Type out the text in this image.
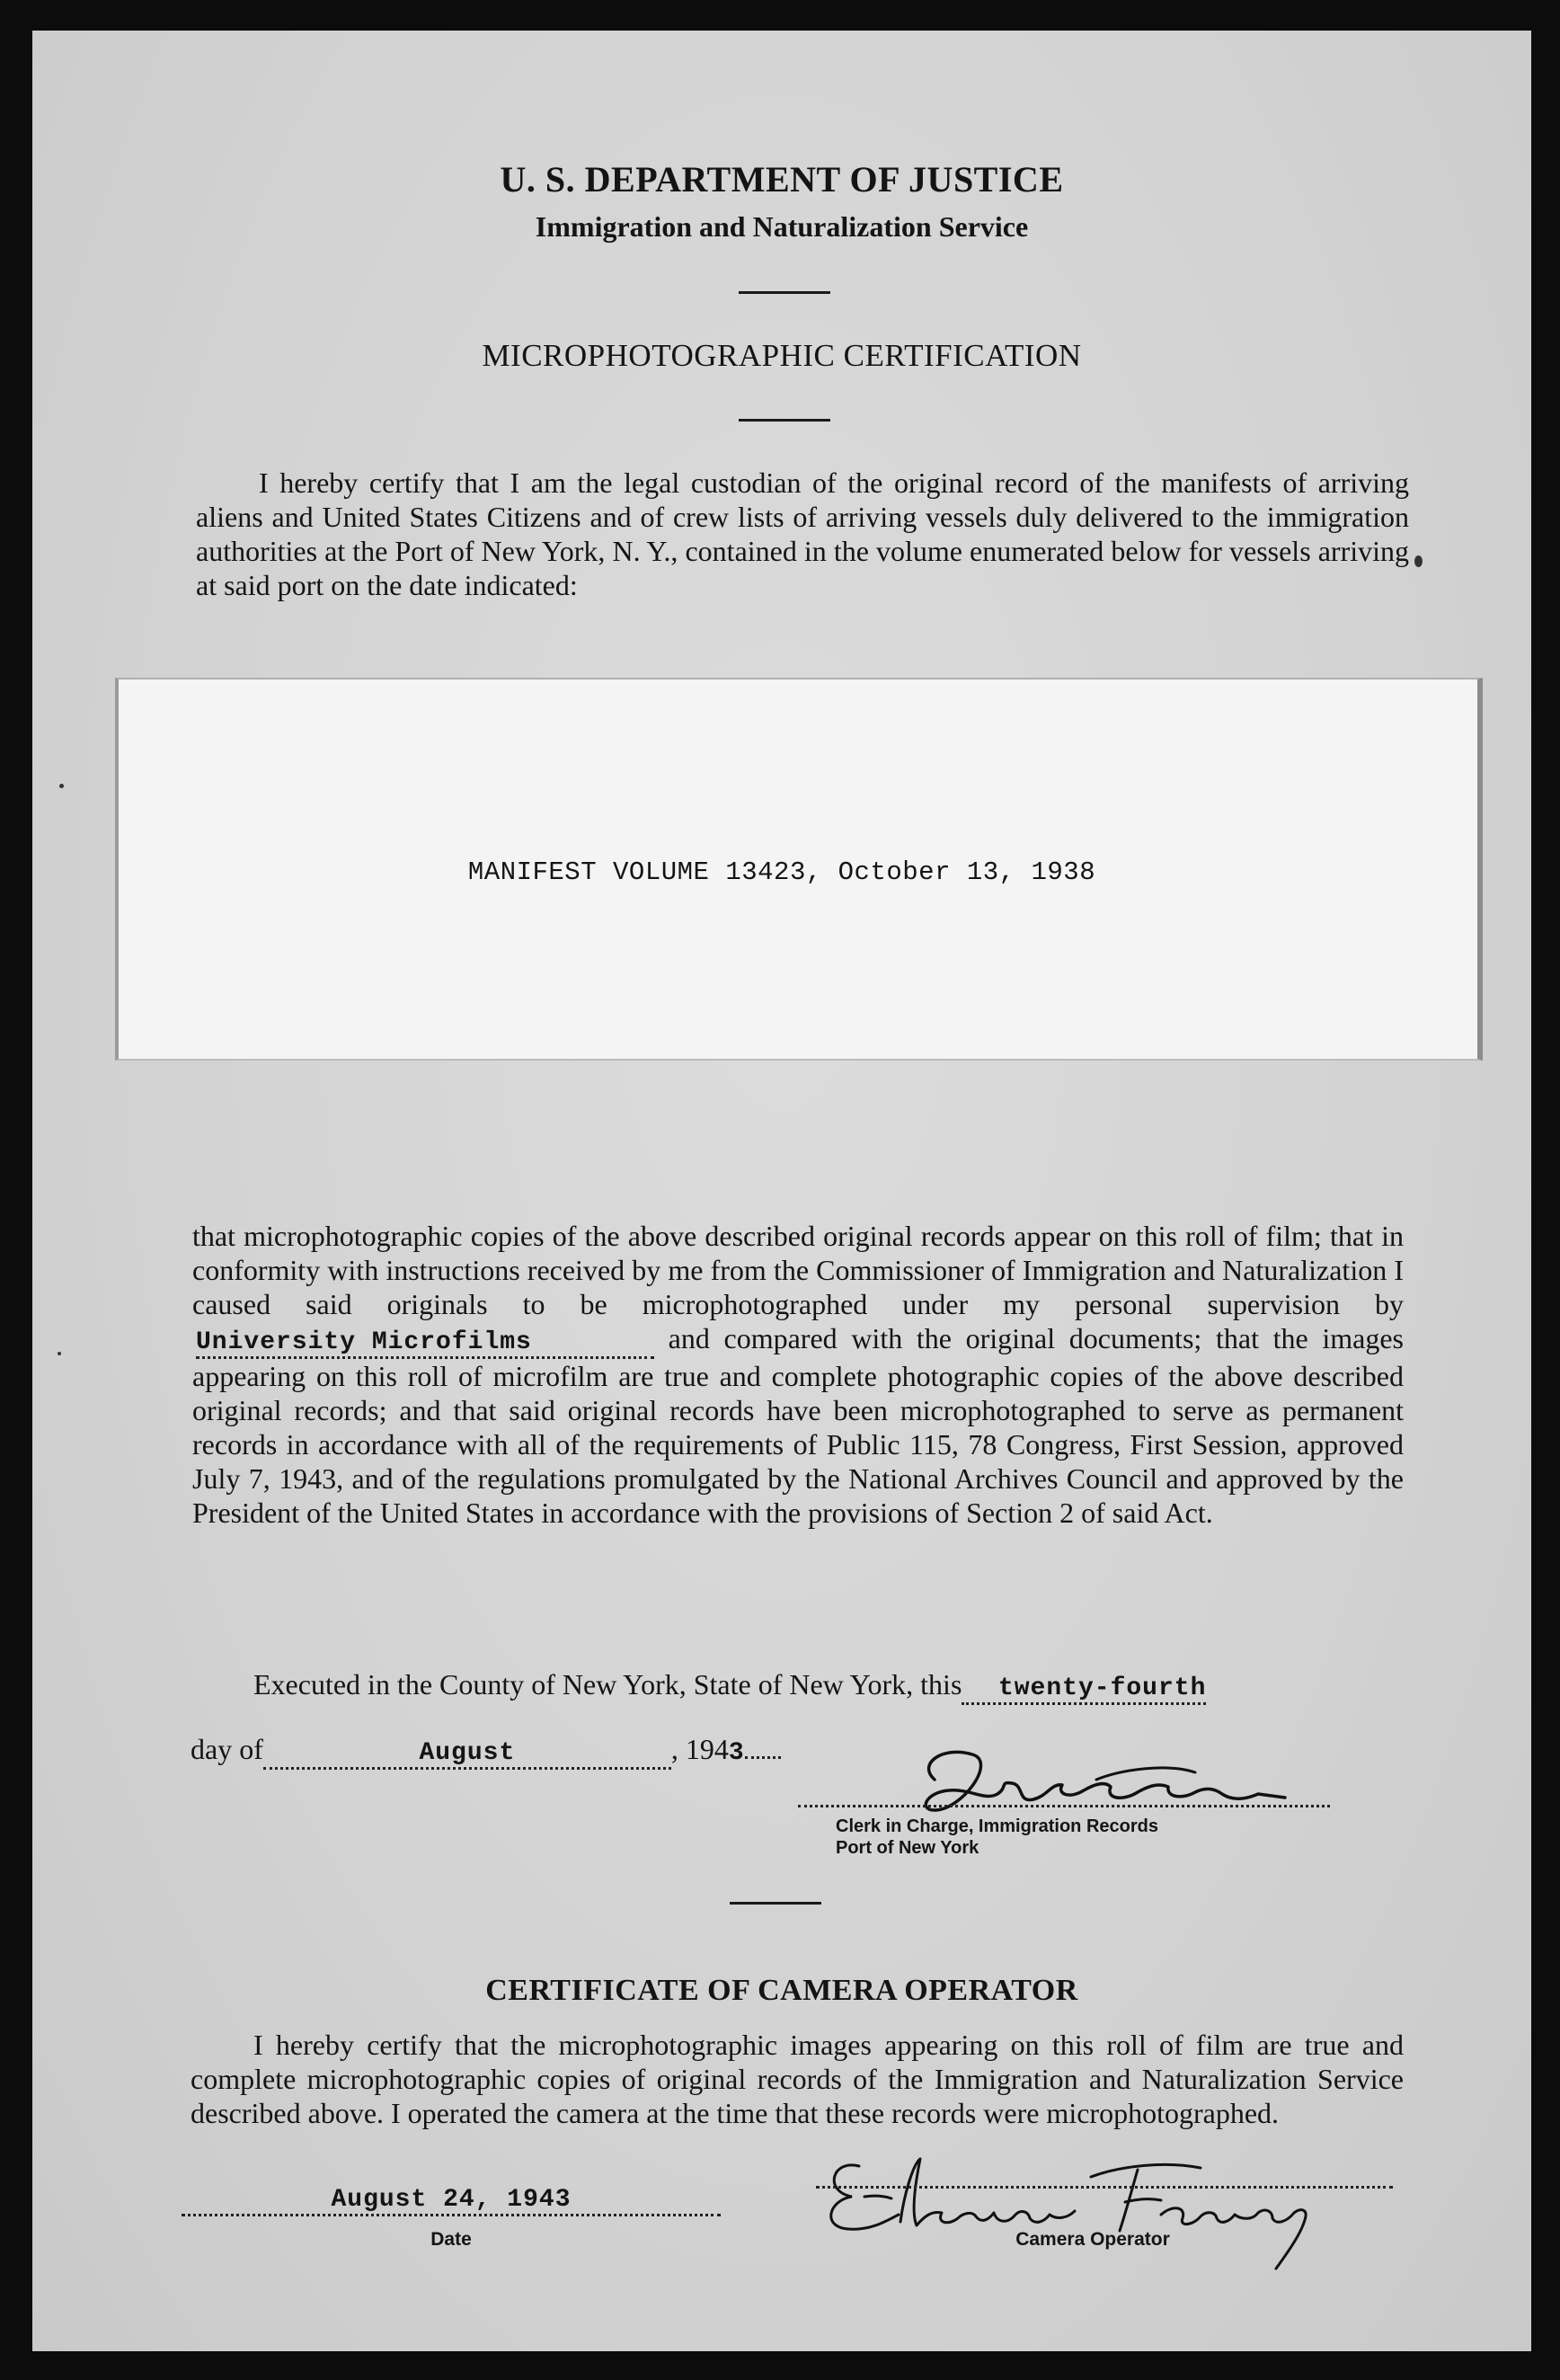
U. S. DEPARTMENT OF JUSTICE
Immigration and Naturalization Service
MICROPHOTOGRAPHIC CERTIFICATION
I hereby certify that I am the legal custodian of the original record of the manifests of arriving aliens and United States Citizens and of crew lists of arriving vessels duly delivered to the immigration authorities at the Port of New York, N. Y., contained in the volume enumerated below for vessels arriving at said port on the date indicated:
MANIFEST VOLUME 13423, October 13, 1938
that microphotographic copies of the above described original records appear on this roll of film; that in conformity with instructions received by me from the Commissioner of Immigration and Naturalization I caused said originals to be microphotographed under my personal supervision byUniversity Microfilms	and compared with the original documents; that the images appearing on this roll of microfilm are true and complete photographic copies of the above described original records; and that said original records have been microphotographed to serve as permanent records in accordance with all of the requirements of Public 115, 78 Congress, First Session, approved July 7, 1943, and of the regulations promulgated by the National Archives Council and approved by the President of the United States in accordance with the provisions of Section 2 of said Act.
Executed in the County of New York, State of New York, this twenty-fourth
day of	August	, 1943
Clerk in Charge, Immigration Records
Port of New York
CERTIFICATE OF CAMERA OPERATOR
I hereby certify that the microphotographic images appearing on this roll of film are true and complete microphotographic copies of original records of the Immigration and Naturalization Service described above. I operated the camera at the time that these records were microphotographed.
August 24, 1943
Date	Camera Operator
